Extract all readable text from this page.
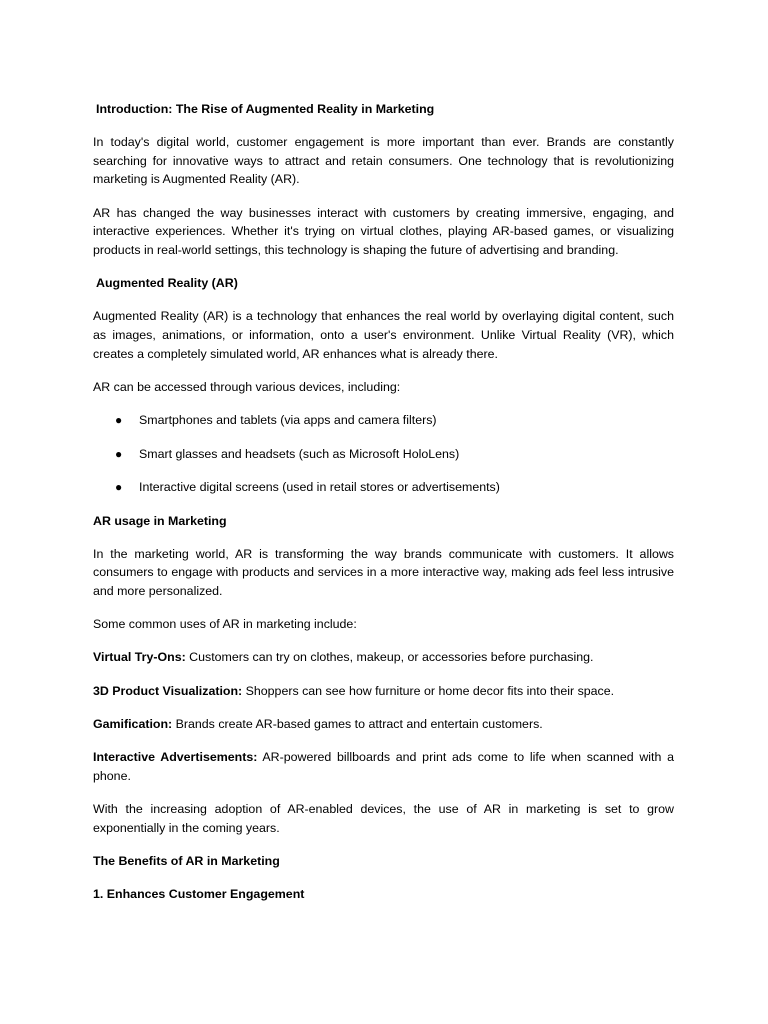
Introduction: The Rise of Augmented Reality in Marketing

In today's digital world, customer engagement is more important than ever. Brands are constantly searching for innovative ways to attract and retain consumers. One technology that is revolutionizing marketing is Augmented Reality (AR).

AR has changed the way businesses interact with customers by creating immersive, engaging, and interactive experiences. Whether it's trying on virtual clothes, playing AR-based games, or visualizing products in real-world settings, this technology is shaping the future of advertising and branding.

Augmented Reality (AR)

Augmented Reality (AR) is a technology that enhances the real world by overlaying digital content, such as images, animations, or information, onto a user's environment. Unlike Virtual Reality (VR), which creates a completely simulated world, AR enhances what is already there.

AR can be accessed through various devices, including:

● Smartphones and tablets (via apps and camera filters)
● Smart glasses and headsets (such as Microsoft HoloLens)
● Interactive digital screens (used in retail stores or advertisements)
AR usage in Marketing

In the marketing world, AR is transforming the way brands communicate with customers. It allows consumers to engage with products and services in a more interactive way, making ads feel less intrusive and more personalized.

Some common uses of AR in marketing include:

Virtual Try-Ons: Customers can try on clothes, makeup, or accessories before purchasing.

3D Product Visualization: Shoppers can see how furniture or home decor fits into their space.

Gamification: Brands create AR-based games to attract and entertain customers.

Interactive Advertisements: AR-powered billboards and print ads come to life when scanned with a phone.

With the increasing adoption of AR-enabled devices, the use of AR in marketing is set to grow exponentially in the coming years.

The Benefits of AR in Marketing
1. Enhances Customer Engagement
